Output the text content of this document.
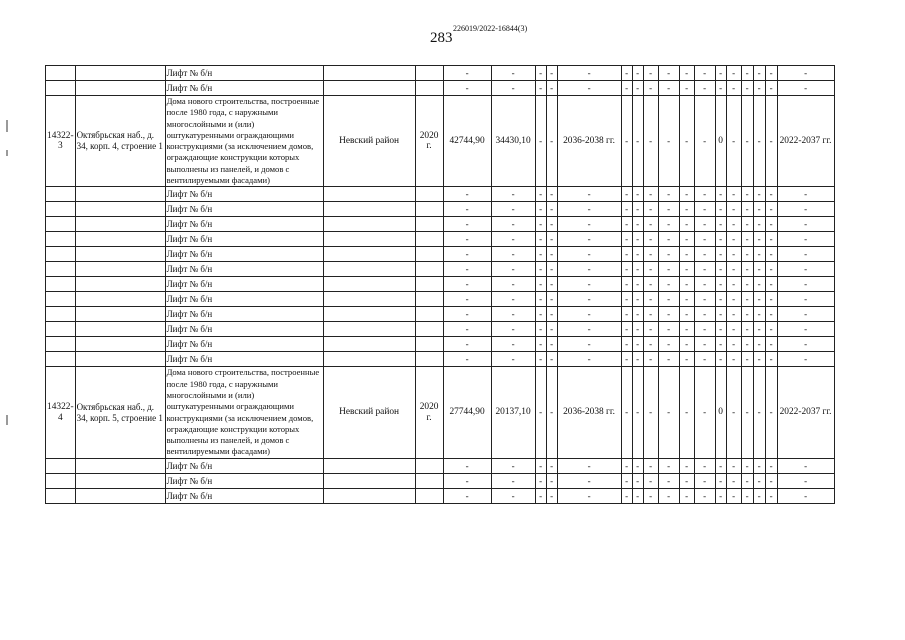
283
226019/2022-16844(3)
		Лифт № б/н			-	-	-	-	-	-	-	-	-	-	-	-	-	-	-	-	-
		Лифт № б/н			-	-	-	-	-	-	-	-	-	-	-	-	-	-	-	-	-
14322-3	Октябрьская наб., д. 34, корп. 4, строение 1	Дома нового строительства, построенные после 1980 года, с наружными многослойными и (или) оштукатуренными ограждающими конструкциями (за исключением домов, ограждающие конструкции которых выполнены из панелей, и домов с вентилируемыми фасадами)	Невский район	2020 г.	42744,90	34430,10	-	-	2036-2038 гг.	-	-	-	-	-	-	0	-	-	-	-	2022-2037 гг.
		Лифт № б/н			-	-	-	-	-	-	-	-	-	-	-	-	-	-	-	-	-
		Лифт № б/н			-	-	-	-	-	-	-	-	-	-	-	-	-	-	-	-	-
		Лифт № б/н			-	-	-	-	-	-	-	-	-	-	-	-	-	-	-	-	-
		Лифт № б/н			-	-	-	-	-	-	-	-	-	-	-	-	-	-	-	-	-
		Лифт № б/н			-	-	-	-	-	-	-	-	-	-	-	-	-	-	-	-	-
		Лифт № б/н			-	-	-	-	-	-	-	-	-	-	-	-	-	-	-	-	-
		Лифт № б/н			-	-	-	-	-	-	-	-	-	-	-	-	-	-	-	-	-
		Лифт № б/н			-	-	-	-	-	-	-	-	-	-	-	-	-	-	-	-	-
		Лифт № б/н			-	-	-	-	-	-	-	-	-	-	-	-	-	-	-	-	-
		Лифт № б/н			-	-	-	-	-	-	-	-	-	-	-	-	-	-	-	-	-
		Лифт № б/н			-	-	-	-	-	-	-	-	-	-	-	-	-	-	-	-	-
		Лифт № б/н			-	-	-	-	-	-	-	-	-	-	-	-	-	-	-	-	-
14322-4	Октябрьская наб., д. 34, корп. 5, строение 1	Дома нового строительства, построенные после 1980 года, с наружными многослойными и (или) оштукатуренными ограждающими конструкциями (за исключением домов, ограждающие конструкции которых выполнены из панелей, и домов с вентилируемыми фасадами)	Невский район	2020 г.	27744,90	20137,10	-	-	2036-2038 гг.	-	-	-	-	-	-	0	-	-	-	-	2022-2037 гг.
		Лифт № б/н			-	-	-	-	-	-	-	-	-	-	-	-	-	-	-	-	-
		Лифт № б/н			-	-	-	-	-	-	-	-	-	-	-	-	-	-	-	-	-
		Лифт № б/н			-	-	-	-	-	-	-	-	-	-	-	-	-	-	-	-	-
